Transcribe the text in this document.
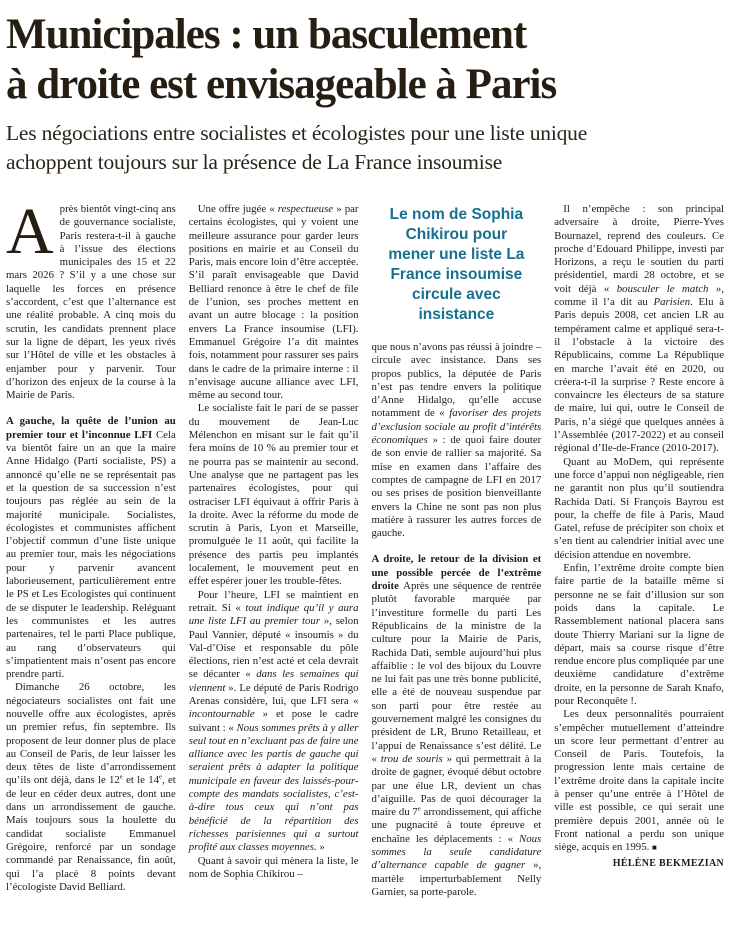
Municipales : un basculement
à droite est envisageable à Paris
Les négociations entre socialistes et écologistes pour une liste unique
achoppent toujours sur la présence de La France insoumise

Après bientôt vingt-cinq ans de gouvernance socialiste, Paris restera-t-il à gauche à l’issue des élections municipales des 15 et 22 mars 2026 ? S’il y a une chose sur laquelle les forces en présence s’accordent, c’est que l’alternance est une réalité probable. A cinq mois du scrutin, les candidats prennent place sur la ligne de départ, les yeux rivés sur l’Hôtel de ville et les obstacles à enjamber pour y parvenir. Tour d’horizon des enjeux de la course à la Mairie de Paris.

A gauche, la quête de l’union au premier tour et l’inconnue LFI Cela va bientôt faire un an que la maire Anne Hidalgo (Parti socialiste, PS) a annoncé qu’elle ne se représentait pas et la question de sa succession n’est toujours pas réglée au sein de la majorité municipale. Socialistes, écologistes et communistes affichent l’objectif commun d’une liste unique au premier tour, mais les négociations pour y parvenir avancent laborieusement, particulièrement entre le PS et Les Ecologistes qui continuent de se disputer le leadership. Reléguant les communistes et les autres partenaires, tel le parti Place publique, au rang d’observateurs qui s’impatientent mais n’osent pas encore prendre parti.

Dimanche 26 octobre, les négociateurs socialistes ont fait une nouvelle offre aux écologistes, après un premier refus, fin septembre. Ils proposent de leur donner plus de place au Conseil de Paris, de leur laisser les deux têtes de liste d’arrondissement qu’ils ont déjà, dans le 12e et le 14e, et de leur en céder deux autres, dont une dans un arrondissement de gauche. Mais toujours sous la houlette du candidat socialiste Emmanuel Grégoire, renforcé par un sondage commandé par Renaissance, fin août, qui l’a placé 8 points devant l’écologiste David Belliard.

Une offre jugée « respectueuse » par certains écologistes, qui y voient une meilleure assurance pour garder leurs positions en mairie et au Conseil du Paris, mais encore loin d’être acceptée. S’il paraît envisageable que David Belliard renonce à être le chef de file de l’union, ses proches mettent en avant un autre blocage : la position envers La France insoumise (LFI). Emmanuel Grégoire l’a dit maintes fois, notamment pour rassurer ses pairs dans le cadre de la primaire interne : il n’envisage aucune alliance avec LFI, même au second tour.

Le socialiste fait le pari de se passer du mouvement de Jean-Luc Mélenchon en misant sur le fait qu’il fera moins de 10 % au premier tour et ne pourra pas se maintenir au second. Une analyse que ne partagent pas les partenaires écologistes, pour qui ostraciser LFI équivaut à offrir Paris à la droite. Avec la réforme du mode de scrutin à Paris, Lyon et Marseille, promulguée le 11 août, qui facilite la présence des partis peu implantés localement, le mouvement peut en effet espérer jouer les trouble-fêtes.

Pour l’heure, LFI se maintient en retrait. Si « tout indique qu’il y aura une liste LFI au premier tour », selon Paul Vannier, député « insoumis » du Val-d’Oise et responsable du pôle élections, rien n’est acté et cela devrait se décanter « dans les semaines qui viennent ». Le député de Paris Rodrigo Arenas considère, lui, que LFI sera « incontournable » et pose le cadre suivant : « Nous sommes prêts à y aller seul tout en n’excluant pas de faire une alliance avec les partis de gauche qui seraient prêts à adapter la politique municipale en faveur des laissés-pour-compte des mandats socialistes, c’est-à-dire tous ceux qui n’ont pas bénéficié de la répartition des richesses parisiennes qui a surtout profité aux classes moyennes. »

Quant à savoir qui mènera la liste, le nom de Sophia Chikirou –

Le nom de Sophia Chikirou pour mener une liste La France insoumise circule avec insistance

que nous n’avons pas réussi à joindre – circule avec insistance. Dans ses propos publics, la députée de Paris n’est pas tendre envers la politique d’Anne Hidalgo, qu’elle accuse notamment de « favoriser des projets d’exclusion sociale au profit d’intérêts économiques » : de quoi faire douter de son envie de rallier sa majorité. Sa mise en examen dans l’affaire des comptes de campagne de LFI en 2017 ou ses prises de position bienveillante envers la Chine ne sont pas non plus matière à rassurer les autres forces de gauche.

A droite, le retour de la division et une possible percée de l’extrême droite Après une séquence de rentrée plutôt favorable marquée par l’investiture formelle du parti Les Républicains de la ministre de la culture pour la Mairie de Paris, Rachida Dati, semble aujourd’hui plus affaiblie : le vol des bijoux du Louvre ne lui fait pas une très bonne publicité, elle a été de nouveau suspendue par son parti pour être restée au gouvernement malgré les consignes du président de LR, Bruno Retailleau, et l’appui de Renaissance s’est délité. Le « trou de souris » qui permettrait à la droite de gagner, évoqué début octobre par une élue LR, devient un chas d’aiguille. Pas de quoi décourager la maire du 7e arrondissement, qui affiche une pugnacité à toute épreuve et enchaîne les déplacements : « Nous sommes la seule candidature d’alternance capable de gagner », martèle imperturbablement Nelly Garnier, sa porte-parole.

Il n’empêche : son principal adversaire à droite, Pierre-Yves Bournazel, reprend des couleurs. Ce proche d’Edouard Philippe, investi par Horizons, a reçu le soutien du parti présidentiel, mardi 28 octobre, et se voit déjà « bousculer le match », comme il l’a dit au Parisien. Elu à Paris depuis 2008, cet ancien LR au tempérament calme et appliqué sera-t-il l’obstacle à la victoire des Républicains, comme La République en marche l’avait été en 2020, ou créera-t-il la surprise ? Reste encore à convaincre les électeurs de sa stature de maire, lui qui, outre le Conseil de Paris, n’a siégé que quelques années à l’Assemblée (2017-2022) et au conseil régional d’Ile-de-France (2010-2017).

Quant au MoDem, qui représente une force d’appui non négligeable, rien ne garantit non plus qu’il soutiendra Rachida Dati. Si François Bayrou est pour, la cheffe de file à Paris, Maud Gatel, refuse de précipiter son choix et s’en tient au calendrier initial avec une décision attendue en novembre.

Enfin, l’extrême droite compte bien faire partie de la bataille même si personne ne se fait d’illusion sur son poids dans la capitale. Le Rassemblement national placera sans doute Thierry Mariani sur la ligne de départ, mais sa course risque d’être rendue encore plus compliquée par une deuxième candidature d’extrême droite, en la personne de Sarah Knafo, pour Reconquête !.

Les deux personnalités pourraient s’empêcher mutuellement d’atteindre un score leur permettant d’entrer au Conseil de Paris. Toutefois, la progression lente mais certaine de l’extrême droite dans la capitale incite à penser qu’une entrée à l’Hôtel de ville est possible, ce qui serait une première depuis 2001, année où le Front national a perdu son unique siège, acquis en 1995. ■

HÉLÈNE BEKMEZIAN
